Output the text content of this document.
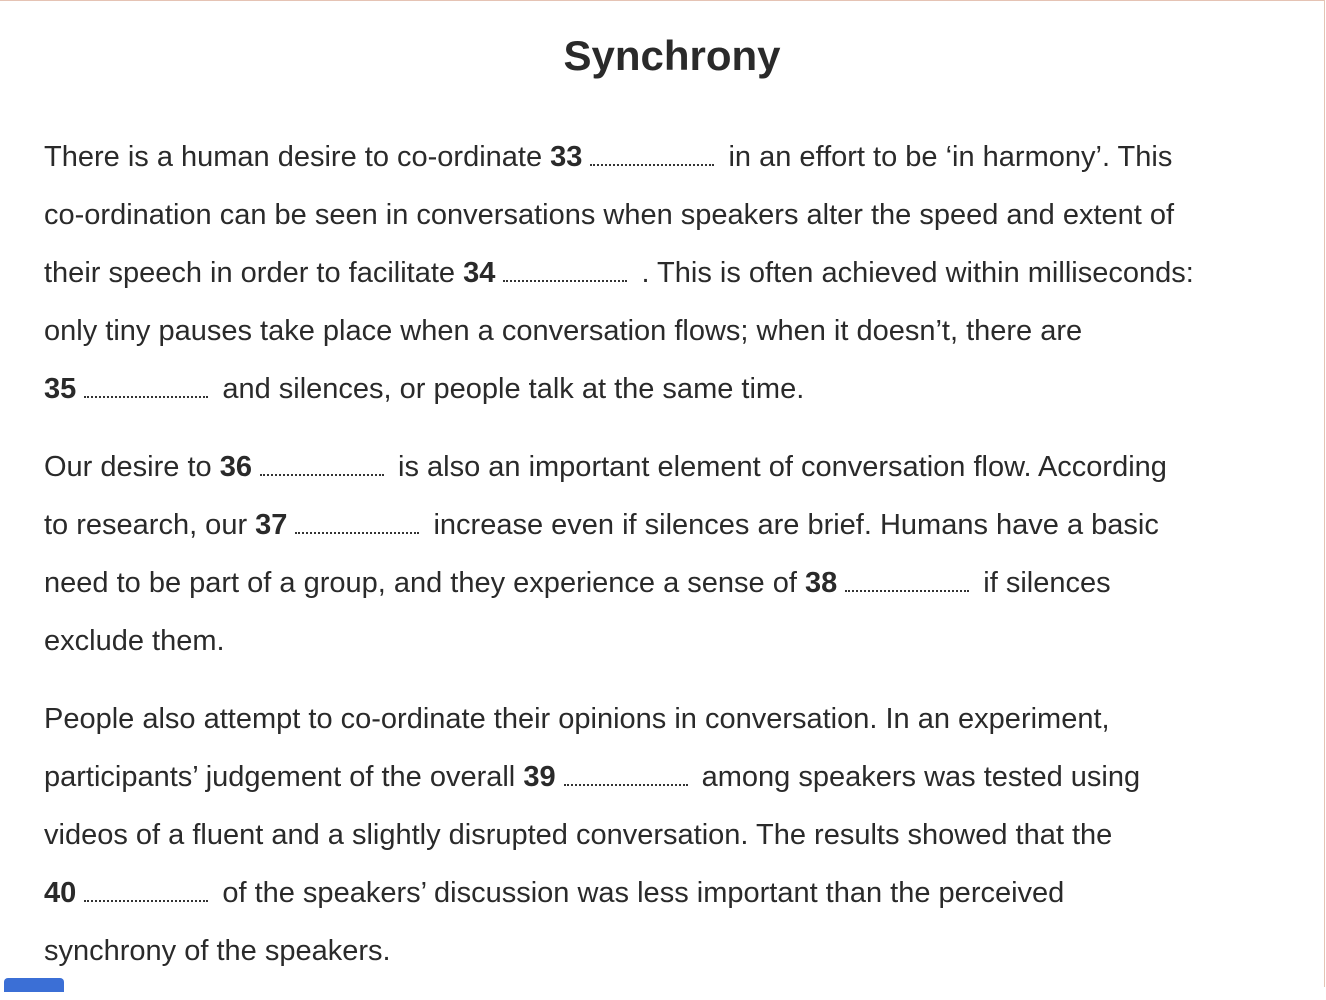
Synchrony

There is a human desire to co-ordinate 33	in an effort to be ‘in harmony’. This
co-ordination can be seen in conversations when speakers alter the speed and extent of
their speech in order to facilitate 34	. This is often achieved within milliseconds:
only tiny pauses take place when a conversation flows; when it doesn’t, there are
35	and silences, or people talk at the same time.

Our desire to 36	is also an important element of conversation flow. According
to research, our 37	increase even if silences are brief. Humans have a basic
need to be part of a group, and they experience a sense of 38	if silences
exclude them.

People also attempt to co-ordinate their opinions in conversation. In an experiment,
participants’ judgement of the overall 39	among speakers was tested using
videos of a fluent and a slightly disrupted conversation. The results showed that the
40	of the speakers’ discussion was less important than the perceived
synchrony of the speakers.
